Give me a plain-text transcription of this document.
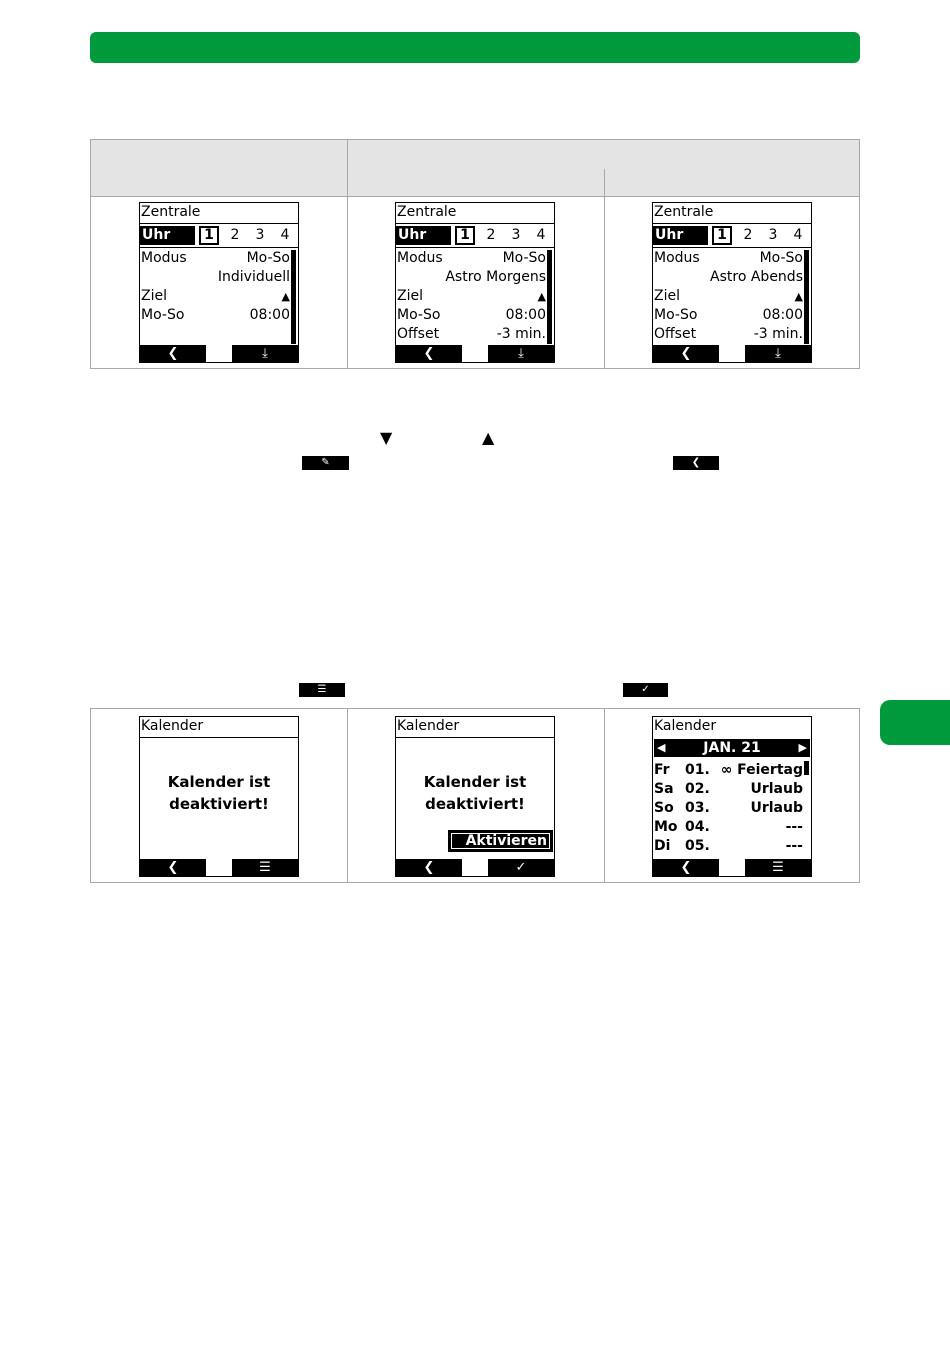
Zentrale
Uhr	1	2	3	4
Modus	Mo-So
Individuell
Ziel	▲
Mo-So	08:00
❮	⤓
Zentrale
Uhr	1	2	3	4
Modus	Mo-So
Astro Morgens
Ziel	▲
Mo-So	08:00
Offset	-3 min.
❮	⤓
Zentrale
Uhr	1	2	3	4
Modus	Mo-So
Astro Abends
Ziel	▲
Mo-So	08:00
Offset	-3 min.
❮	⤓
▼	▲
✎	❮
☰	✓
Kalender
Kalender ist
deaktiviert!
❮	☰
Kalender
Kalender ist
deaktiviert!
Aktivieren
❮	✓
Kalender
◀	JAN. 21	▶
Fr 01. ∞ Feiertag
Sa 02.	Urlaub
So 03.	Urlaub
Mo 04.	---
Di 05.	---
❮	☰
